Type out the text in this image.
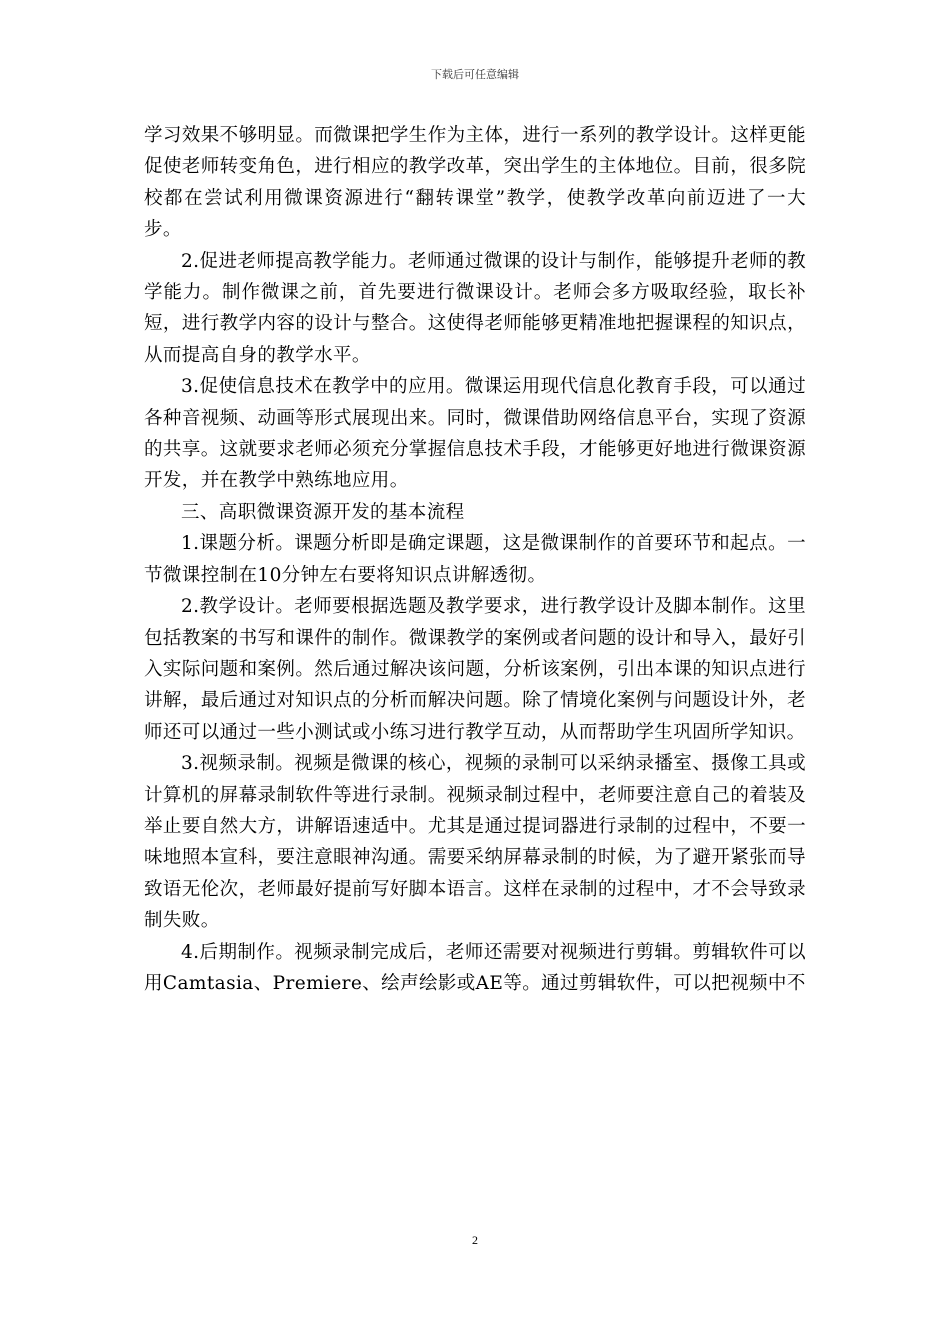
下载后可任意编辑

学习效果不够明显。而微课把学生作为主体，进行一系列的教学设计。这样更能促使老师转变角色，进行相应的教学改革，突出学生的主体地位。目前，很多院校都在尝试利用微课资源进行“翻转课堂”教学，使教学改革向前迈进了一大步。

2.促进老师提高教学能力。老师通过微课的设计与制作，能够提升老师的教学能力。制作微课之前，首先要进行微课设计。老师会多方吸取经验，取长补短，进行教学内容的设计与整合。这使得老师能够更精准地把握课程的知识点，从而提高自身的教学水平。

3.促使信息技术在教学中的应用。微课运用现代信息化教育手段，可以通过各种音视频、动画等形式展现出来。同时，微课借助网络信息平台，实现了资源的共享。这就要求老师必须充分掌握信息技术手段，才能够更好地进行微课资源开发，并在教学中熟练地应用。

三、高职微课资源开发的基本流程

1.课题分析。课题分析即是确定课题，这是微课制作的首要环节和起点。一节微课控制在10分钟左右要将知识点讲解透彻。

2.教学设计。老师要根据选题及教学要求，进行教学设计及脚本制作。这里包括教案的书写和课件的制作。微课教学的案例或者问题的设计和导入，最好引入实际问题和案例。然后通过解决该问题，分析该案例，引出本课的知识点进行讲解，最后通过对知识点的分析而解决问题。除了情境化案例与问题设计外，老师还可以通过一些小测试或小练习进行教学互动，从而帮助学生巩固所学知识。

3.视频录制。视频是微课的核心，视频的录制可以采纳录播室、摄像工具或计算机的屏幕录制软件等进行录制。视频录制过程中，老师要注意自己的着装及举止要自然大方，讲解语速适中。尤其是通过提词器进行录制的过程中，不要一味地照本宣科，要注意眼神沟通。需要采纳屏幕录制的时候，为了避开紧张而导致语无伦次，老师最好提前写好脚本语言。这样在录制的过程中，才不会导致录制失败。

4.后期制作。视频录制完成后，老师还需要对视频进行剪辑。剪辑软件可以用Camtasia、Premiere、绘声绘影或AE等。通过剪辑软件，可以把视频中不

2
